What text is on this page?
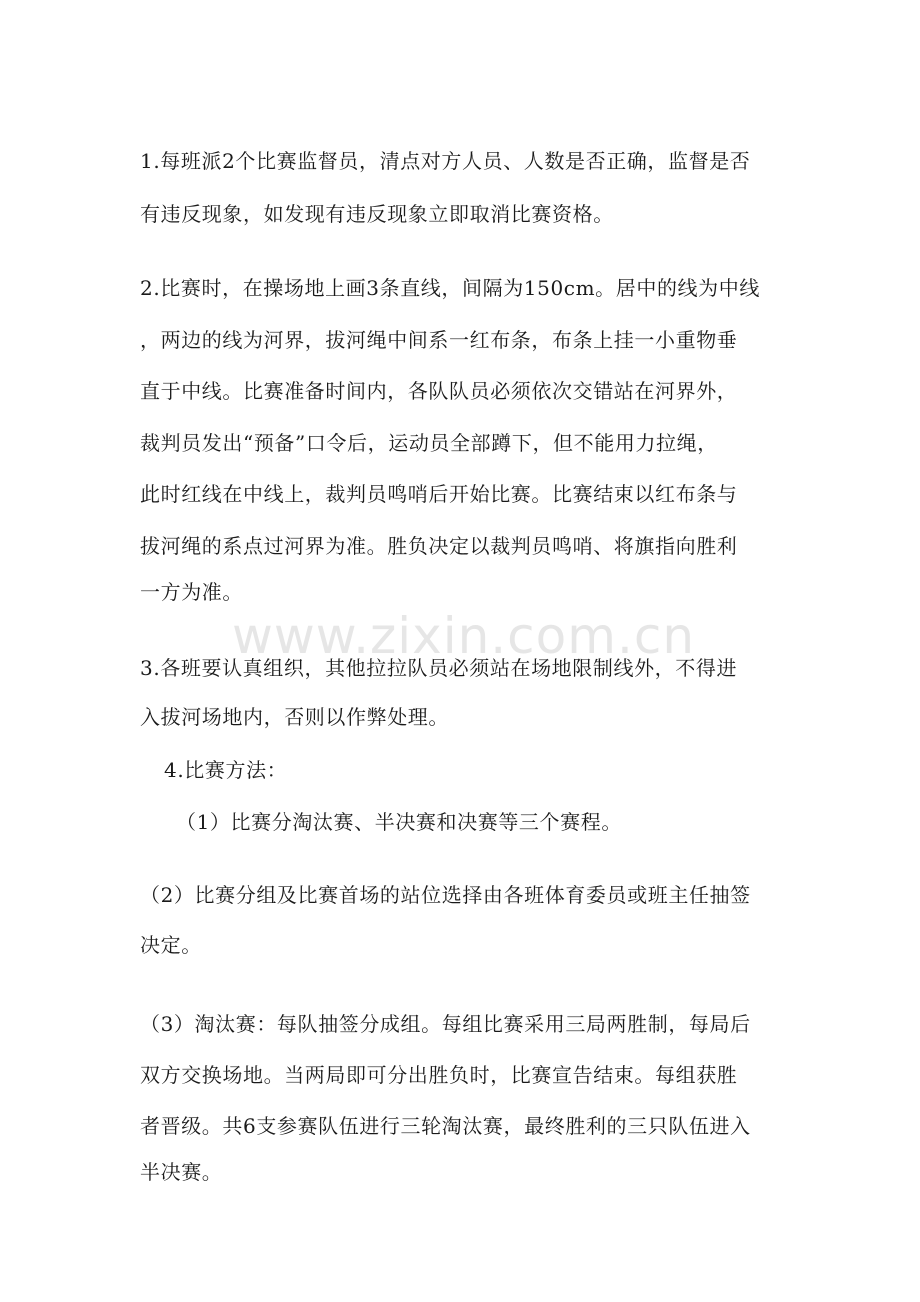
www.zixin.com.cn
1.每班派2个比赛监督员，清点对方人员、人数是否正确，监督是否
有违反现象，如发现有违反现象立即取消比赛资格。
2.比赛时，在操场地上画3条直线，间隔为150cm。居中的线为中线
，两边的线为河界，拔河绳中间系一红布条，布条上挂一小重物垂
直于中线。比赛准备时间内，各队队员必须依次交错站在河界外，
裁判员发出“预备”口令后，运动员全部蹲下，但不能用力拉绳，
此时红线在中线上，裁判员鸣哨后开始比赛。比赛结束以红布条与
拔河绳的系点过河界为准。胜负决定以裁判员鸣哨、将旗指向胜利
一方为准。
3.各班要认真组织，其他拉拉队员必须站在场地限制线外，不得进
入拔河场地内，否则以作弊处理。
4.比赛方法：
（1）比赛分淘汰赛、半决赛和决赛等三个赛程。
（2）比赛分组及比赛首场的站位选择由各班体育委员或班主任抽签
决定。
（3）淘汰赛：每队抽签分成组。每组比赛采用三局两胜制，每局后
双方交换场地。当两局即可分出胜负时，比赛宣告结束。每组获胜
者晋级。共6支参赛队伍进行三轮淘汰赛，最终胜利的三只队伍进入
半决赛。
